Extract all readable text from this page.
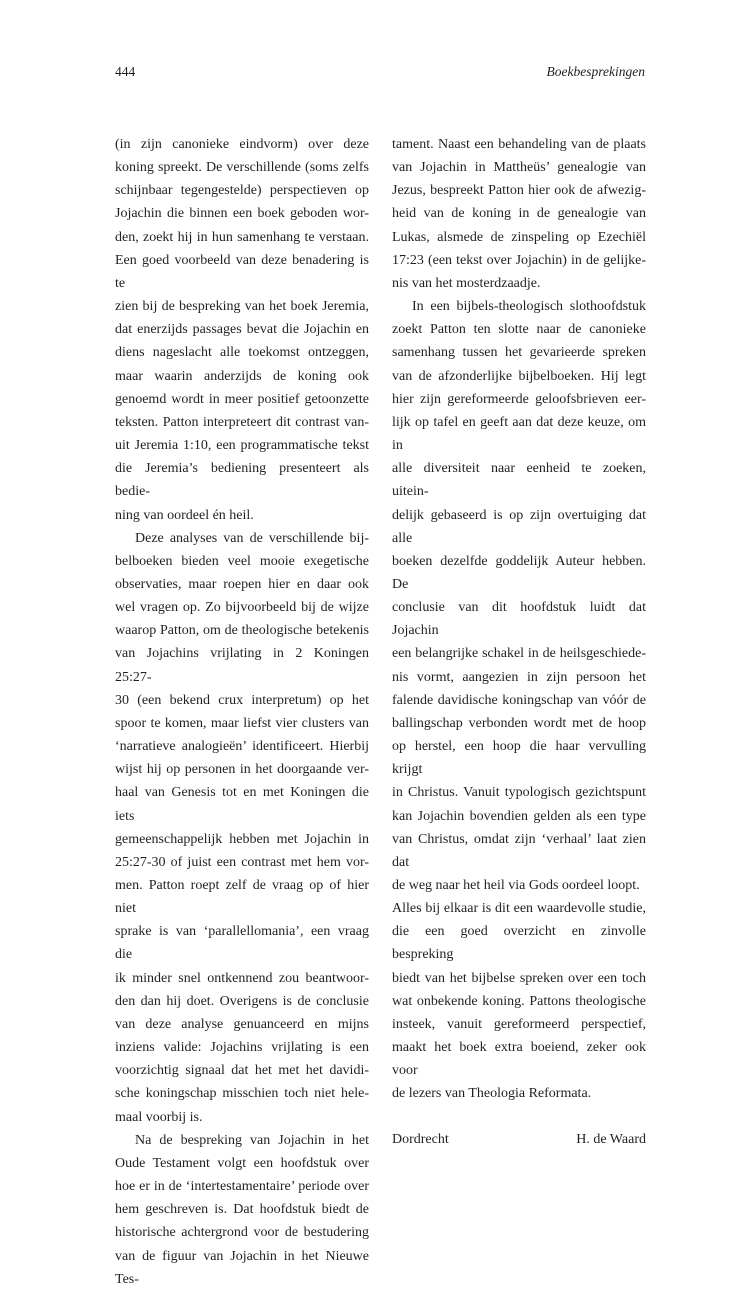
444	Boekbesprekingen

(in zijn canonieke eindvorm) over deze

koning spreekt. De verschillende (soms zelfs

schijnbaar tegengestelde) perspectieven op

Jojachin die binnen een boek geboden wor-

den, zoekt hij in hun samenhang te verstaan.

Een goed voorbeeld van deze benadering is te

zien bij de bespreking van het boek Jeremia,

dat enerzijds passages bevat die Jojachin en

diens nageslacht alle toekomst ontzeggen,

maar waarin anderzijds de koning ook

genoemd wordt in meer positief getoonzette

teksten. Patton interpreteert dit contrast van-

uit Jeremia 1:10, een programmatische tekst

die Jeremia’s bediening presenteert als bedie-

ning van oordeel én heil.

Deze analyses van de verschillende bij-

belboeken bieden veel mooie exegetische

observaties, maar roepen hier en daar ook

wel vragen op. Zo bijvoorbeeld bij de wijze

waarop Patton, om de theologische betekenis

van Jojachins vrijlating in 2 Koningen 25:27-

30 (een bekend crux interpretum) op het

spoor te komen, maar liefst vier clusters van

‘narratieve analogieën’ identificeert. Hierbij

wijst hij op personen in het doorgaande ver-

haal van Genesis tot en met Koningen die iets

gemeenschappelijk hebben met Jojachin in

25:27-30 of juist een contrast met hem vor-

men. Patton roept zelf de vraag op of hier niet

sprake is van ‘parallellomania’, een vraag die

ik minder snel ontkennend zou beantwoor-

den dan hij doet. Overigens is de conclusie

van deze analyse genuanceerd en mijns

inziens valide: Jojachins vrijlating is een

voorzichtig signaal dat het met het davidi-

sche koningschap misschien toch niet hele-

maal voorbij is.

Na de bespreking van Jojachin in het

Oude Testament volgt een hoofdstuk over

hoe er in de ‘intertestamentaire’ periode over

hem geschreven is. Dat hoofdstuk biedt de

historische achtergrond voor de bestudering

van de figuur van Jojachin in het Nieuwe Tes-

tament. Naast een behandeling van de plaats

van Jojachin in Mattheüs’ genealogie van

Jezus, bespreekt Patton hier ook de afwezig-

heid van de koning in de genealogie van

Lukas, alsmede de zinspeling op Ezechiël

17:23 (een tekst over Jojachin) in de gelijke-

nis van het mosterdzaadje.

In een bijbels-theologisch slothoofdstuk

zoekt Patton ten slotte naar de canonieke

samenhang tussen het gevarieerde spreken

van de afzonderlijke bijbelboeken. Hij legt

hier zijn gereformeerde geloofsbrieven eer-

lijk op tafel en geeft aan dat deze keuze, om in

alle diversiteit naar eenheid te zoeken, uitein-

delijk gebaseerd is op zijn overtuiging dat alle

boeken dezelfde goddelijk Auteur hebben. De

conclusie van dit hoofdstuk luidt dat Jojachin

een belangrijke schakel in de heilsgeschiede-

nis vormt, aangezien in zijn persoon het

falende davidische koningschap van vóór de

ballingschap verbonden wordt met de hoop

op herstel, een hoop die haar vervulling krijgt

in Christus. Vanuit typologisch gezichtspunt

kan Jojachin bovendien gelden als een type

van Christus, omdat zijn ‘verhaal’ laat zien dat

de weg naar het heil via Gods oordeel loopt.

Alles bij elkaar is dit een waardevolle studie,

die een goed overzicht en zinvolle bespreking

biedt van het bijbelse spreken over een toch

wat onbekende koning. Pattons theologische

insteek, vanuit gereformeerd perspectief,

maakt het boek extra boeiend, zeker ook voor

de lezers van Theologia Reformata.

Dordrecht	H. de Waard
